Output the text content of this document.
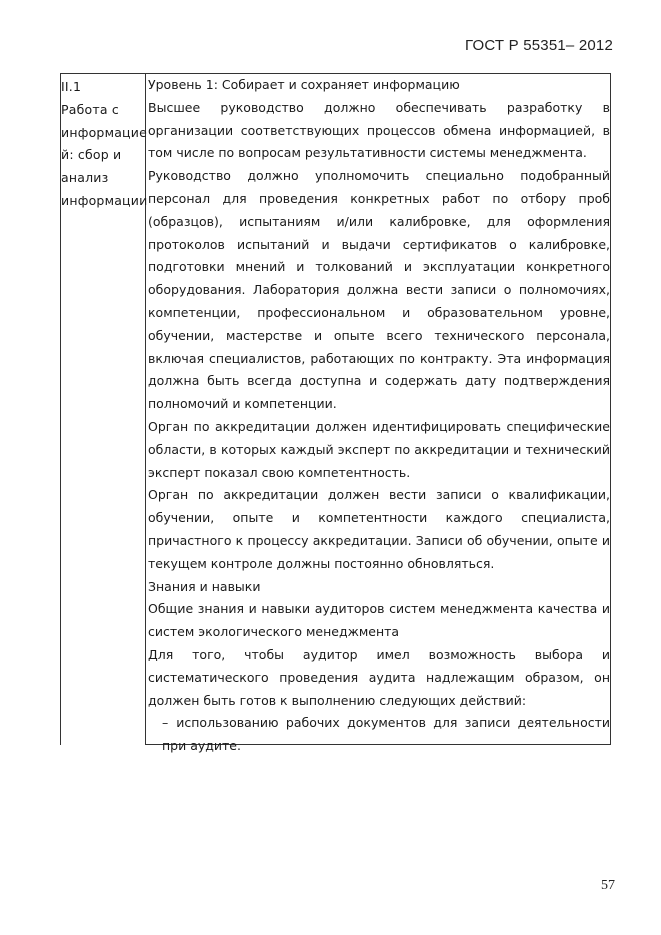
ГОСТ Р 55351– 2012
II.1
Работа с
информацие
й: сбор и
анализ
информации

Уровень 1: Собирает и сохраняет информацию

Высшее руководство должно обеспечивать разработку в организации соответствующих процессов обмена информацией, в том числе по вопросам результативности системы менеджмента.

Руководство должно уполномочить специально подобранный персонал для проведения конкретных работ по отбору проб (образцов), испытаниям и/или калибровке, для оформления протоколов испытаний и выдачи сертификатов о калибровке, подготовки мнений и толкований и эксплуатации конкретного оборудования. Лаборатория должна вести записи о полномочиях, компетенции, профессиональном и образовательном уровне, обучении, мастерстве и опыте всего технического персонала, включая специалистов, работающих по контракту. Эта информация должна быть всегда доступна и содержать дату подтверждения полномочий и компетенции.

Орган по аккредитации должен идентифицировать специфические области, в которых каждый эксперт по аккредитации и технический эксперт показал свою компетентность.

Орган по аккредитации должен вести записи о квалификации, обучении, опыте и компетентности каждого специалиста, причастного к процессу аккредитации. Записи об обучении, опыте и текущем контроле должны постоянно обновляться.

Знания и навыки

Общие знания и навыки аудиторов систем менеджмента качества и систем экологического менеджмента

Для того, чтобы аудитор имел возможность выбора и систематического проведения аудита надлежащим образом, он должен быть готов к выполнению следующих действий:

– использованию рабочих документов для записи деятельности при аудите.

57
